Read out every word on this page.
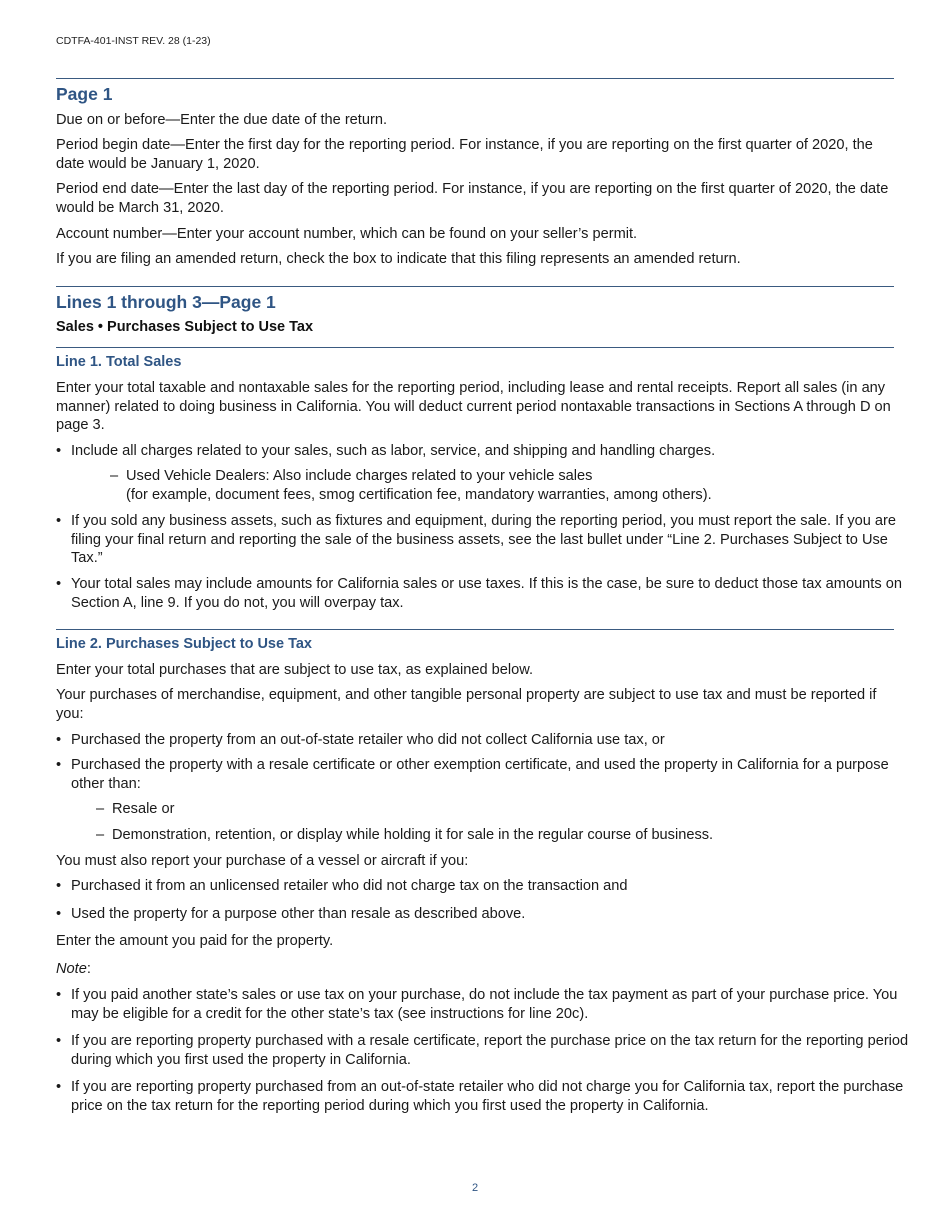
CDTFA-401-INST REV. 28 (1-23)
Page 1

Due on or before—Enter the due date of the return.

Period begin date—Enter the first day for the reporting period. For instance, if you are reporting on the first quarter of 2020, the date would be January 1, 2020.

Period end date—Enter the last day of the reporting period. For instance, if you are reporting on the first quarter of 2020, the date would be March 31, 2020.

Account number—Enter your account number, which can be found on your seller’s permit.

If you are filing an amended return, check the box to indicate that this filing represents an amended return.

Lines 1 through 3—Page 1
Sales • Purchases Subject to Use Tax
Line 1. Total Sales

Enter your total taxable and nontaxable sales for the reporting period, including lease and rental receipts. Report all sales (in any manner) related to doing business in California. You will deduct current period nontaxable transactions in Sections A through D on page 3.

• Include all charges related to your sales, such as labor, service, and shipping and handling charges.
– Used Vehicle Dealers: Also include charges related to your vehicle sales
(for example, document fees, smog certification fee, mandatory warranties, among others).
• If you sold any business assets, such as fixtures and equipment, during the reporting period, you must report the sale. If you are filing your final return and reporting the sale of the business assets, see the last bullet under “Line 2. Purchases Subject to Use Tax.”
• Your total sales may include amounts for California sales or use taxes. If this is the case, be sure to deduct those tax amounts on Section A, line 9. If you do not, you will overpay tax.
Line 2. Purchases Subject to Use Tax

Enter your total purchases that are subject to use tax, as explained below.

Your purchases of merchandise, equipment, and other tangible personal property are subject to use tax and must be reported if you:

• Purchased the property from an out-of-state retailer who did not collect California use tax, or
• Purchased the property with a resale certificate or other exemption certificate, and used the property in California for a purpose other than:
– Resale or
– Demonstration, retention, or display while holding it for sale in the regular course of business.

You must also report your purchase of a vessel or aircraft if you:

• Purchased it from an unlicensed retailer who did not charge tax on the transaction and
• Used the property for a purpose other than resale as described above.

Enter the amount you paid for the property.

Note:

• If you paid another state’s sales or use tax on your purchase, do not include the tax payment as part of your purchase price. You may be eligible for a credit for the other state’s tax (see instructions for line 20c).
• If you are reporting property purchased with a resale certificate, report the purchase price on the tax return for the reporting period during which you first used the property in California.
• If you are reporting property purchased from an out-of-state retailer who did not charge you for California tax, report the purchase price on the tax return for the reporting period during which you first used the property in California.
2
